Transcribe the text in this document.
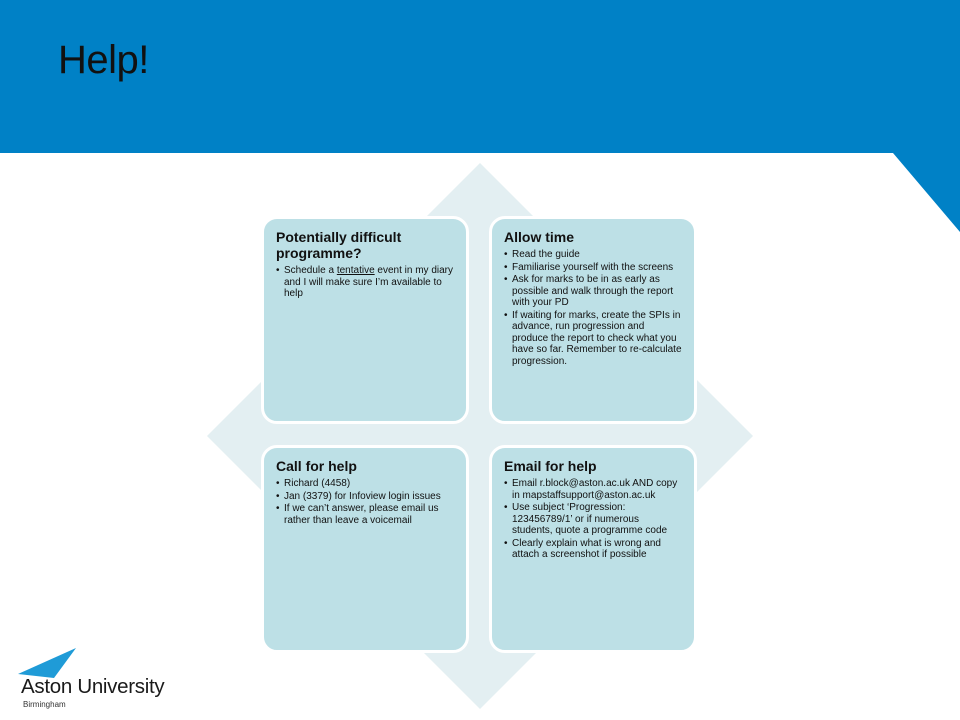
Help!

Potentially difficult programme?

• Schedule a tentative event in my diary and I will make sure I’m available to help

Allow time

• Read the guide
• Familiarise yourself with the screens
• Ask for marks to be in as early as possible and walk through the report with your PD
• If waiting for marks, create the SPIs in advance, run progression and produce the report to check what you have so far. Remember to re-calculate progression.

Call for help

• Richard (4458)
• Jan (3379) for Infoview login issues
• If we can’t answer, please email us rather than leave a voicemail

Email for help

• Email r.block@aston.ac.uk AND copy in mapstaffsupport@aston.ac.uk
• Use subject ‘Progression: 123456789/1’ or if numerous students, quote a programme code
• Clearly explain what is wrong and attach a screenshot if possible

Aston University

Birmingham
